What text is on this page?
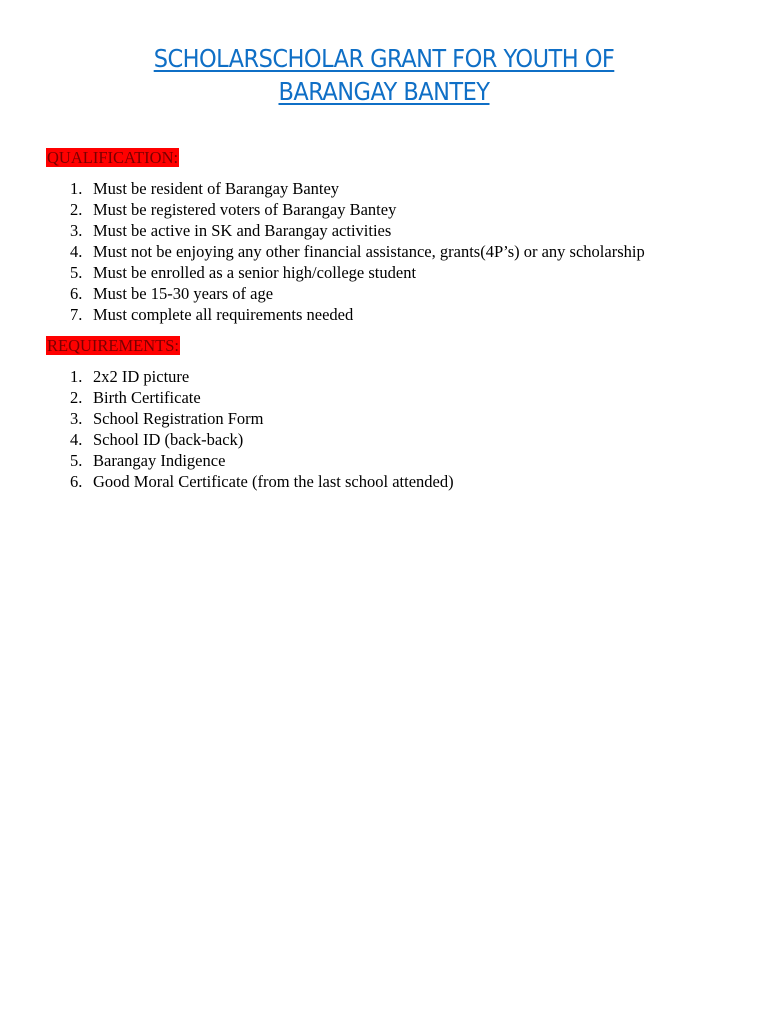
SCHOLARSCHOLAR GRANT FOR YOUTH OF
BARANGAY BANTEY
QUALIFICATION:
1. Must be resident of Barangay Bantey
2. Must be registered voters of Barangay Bantey
3. Must be active in SK and Barangay activities
4. Must not be enjoying any other financial assistance, grants(4P’s) or any scholarship
5. Must be enrolled as a senior high/college student
6. Must be 15-30 years of age
7. Must complete all requirements needed
REQUIREMENTS:
1. 2x2 ID picture
2. Birth Certificate
3. School Registration Form
4. School ID (back-back)
5. Barangay Indigence
6. Good Moral Certificate (from the last school attended)
